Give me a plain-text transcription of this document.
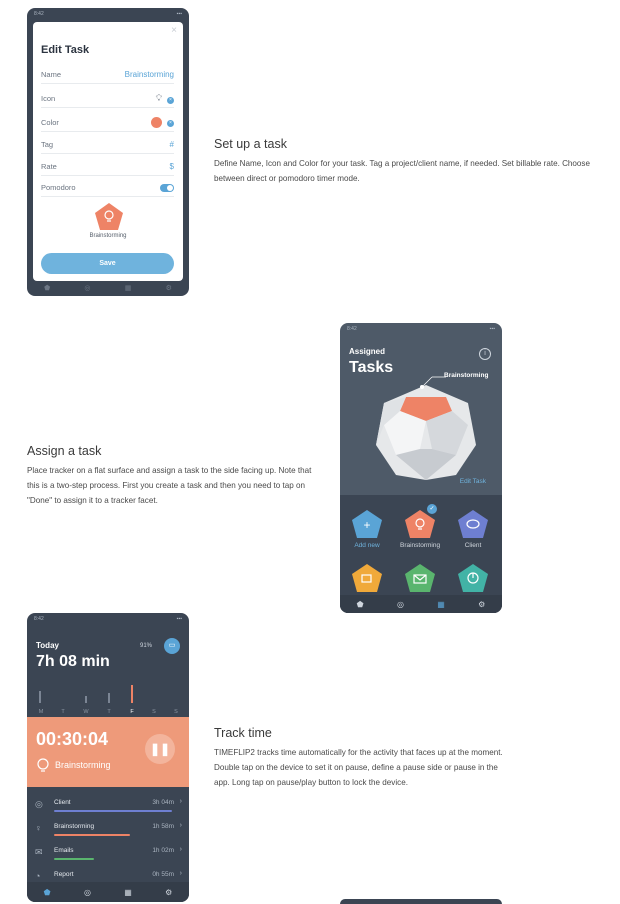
8:42	▪▪▪
×
Edit Task
Name	Brainstorming
Icon	💡︎ ×
Color	×
Tag	#
Rate	$
Pomodoro
Brainstorming
Save
⬟	◎	▦	⚙
Set up a task

Define Name, Icon and Color for your task. Tag a project/client name, if needed. Set billable rate. Choose between direct or pomodoro timer mode.

Assign a task

Place tracker on a flat surface and assign a task to the side facing up. Note that this is a two-step process. First you create a task and then you need to tap on "Done" to assign it to a tracker facet.

8:42	▪▪▪
Assigned
Tasks
i
Brainstorming
Edit Task
+
Add new	Brainstorming
✓
Client
⬟	◎	▦	⚙
8:42	▪▪▪
Today
7h 08 min
91%	▭
M	T	W	T	F	S	S
00:30:04
Brainstorming
❚❚
◎ Client	3h 04m ›
♀ Brainstorming	1h 58m ›
✉ Emails	1h 02m ›
◔ Report	0h 55m ›
⬟	◎	▦	⚙
Track time

TIMEFLIP2 tracks time automatically for the activity that faces up at the moment. Double tap on the device to set it on pause, define a pause side or pause in the app. Long tap on pause/play button to lock the device.
